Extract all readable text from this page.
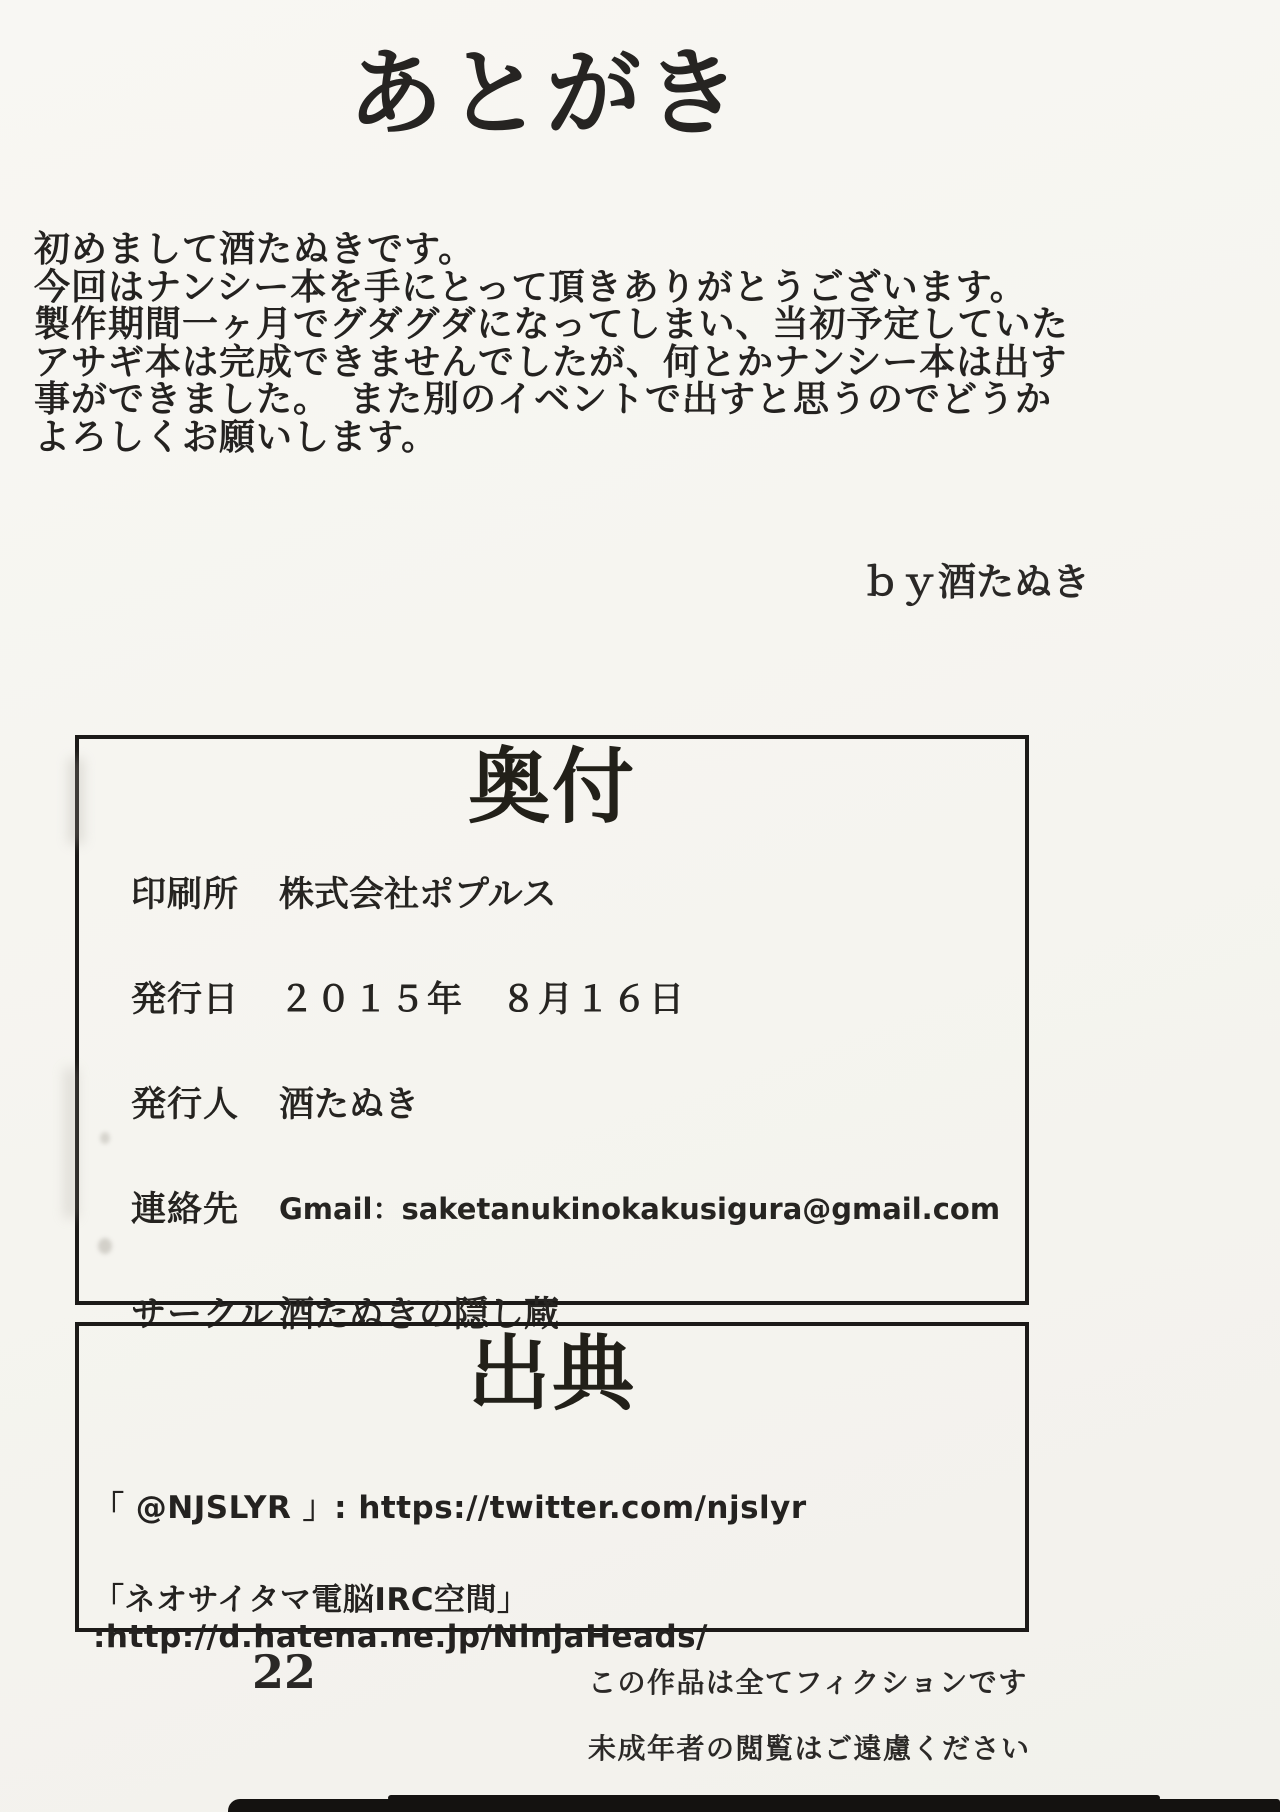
あとがき
初めまして酒たぬきです。
今回はナンシー本を手にとって頂きありがとうございます。
製作期間一ヶ月でグダグダになってしまい、当初予定していた
アサギ本は完成できませんでしたが、何とかナンシー本は出す
事ができました。　また別のイベントで出すと思うのでどうか
よろしくお願いします。
ｂｙ酒たぬき
奥付
印刷所	株式会社ポプルス
発行日	２０１５年　８月１６日
発行人	酒たぬき
連絡先	Gmail：saketanukinokakusigura@gmail.com
サークル 酒たぬきの隠し蔵
出典
「 @NJSLYR 」: https://twitter.com/njslyr
「ネオサイタマ電脳IRC空間」 :http://d.hatena.ne.jp/NinjaHeads/
22	この作品は全てフィクションです
未成年者の閲覧はご遠慮ください
